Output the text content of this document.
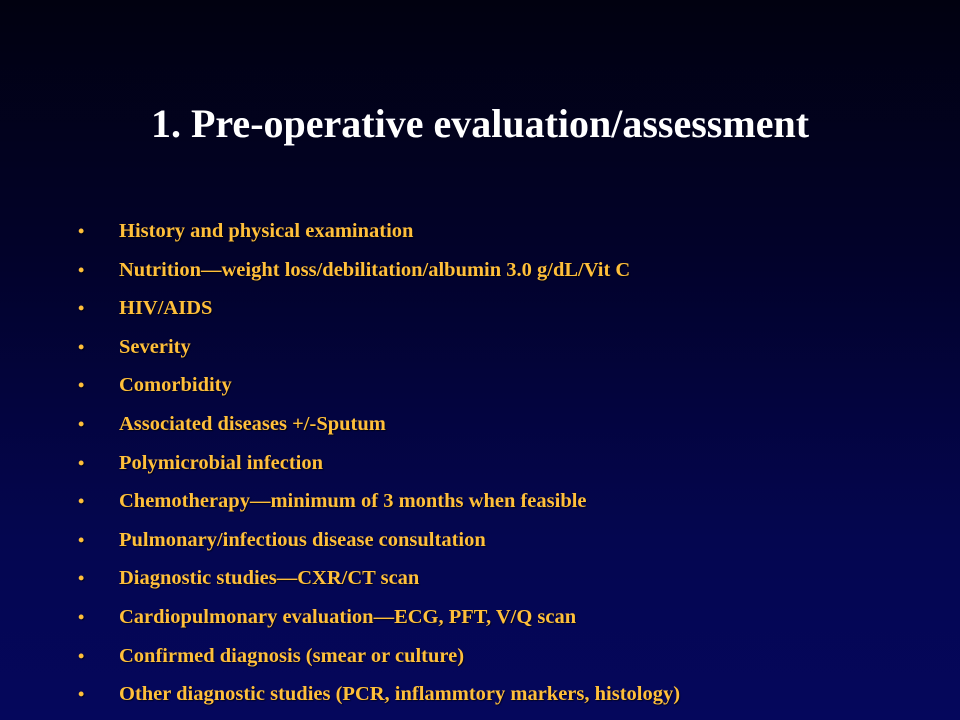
1. Pre-operative evaluation/assessment
• History and physical examination
• Nutrition—weight loss/debilitation/albumin 3.0 g/dL/Vit C
• HIV/AIDS
• Severity
• Comorbidity
• Associated diseases +/-Sputum
• Polymicrobial infection
• Chemotherapy—minimum of 3 months when feasible
• Pulmonary/infectious disease consultation
• Diagnostic studies—CXR/CT scan
• Cardiopulmonary evaluation—ECG, PFT, V/Q scan
• Confirmed diagnosis (smear or culture)
• Other diagnostic studies (PCR, inflammtory markers, histology)
